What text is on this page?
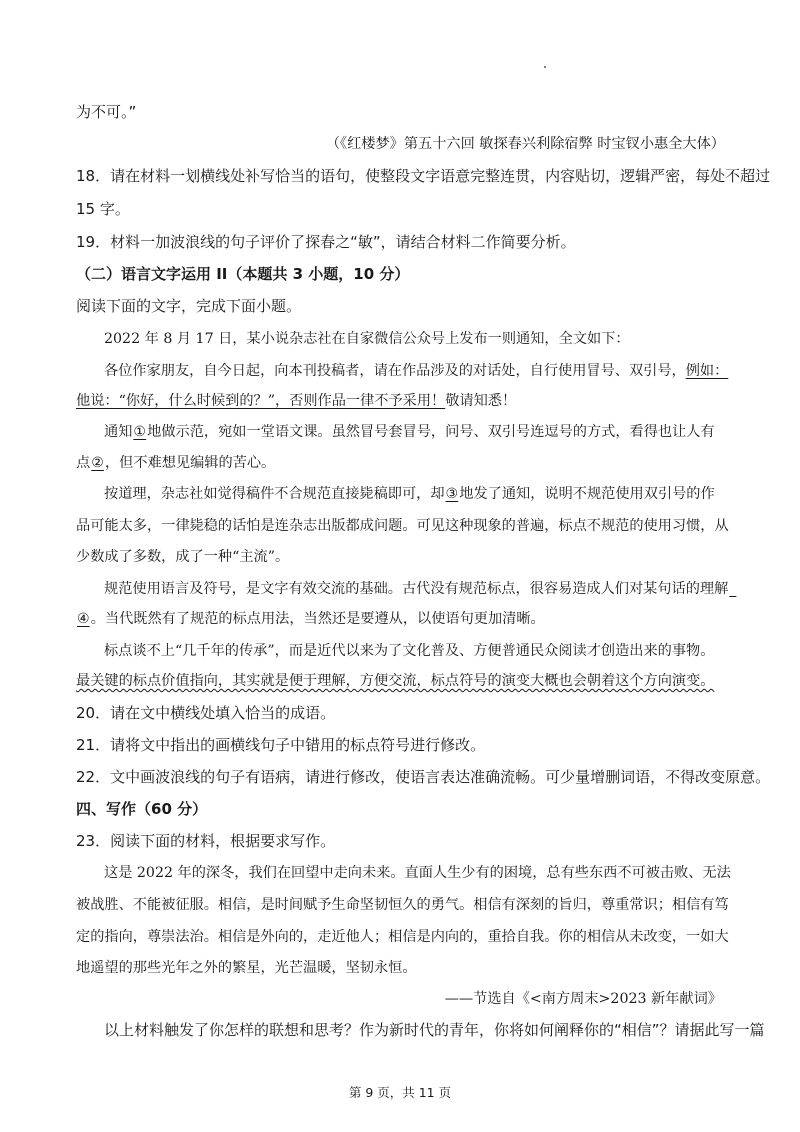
为不可。”
（《红楼梦》第五十六回 敏探春兴利除宿弊 时宝钗小惠全大体）
18．请在材料一划横线处补写恰当的语句，使整段文字语意完整连贯，内容贴切，逻辑严密，每处不超过
15 字。
19．材料一加波浪线的句子评价了探春之“敏”，请结合材料二作简要分析。
（二）语言文字运用 II（本题共 3 小题，10 分）
阅读下面的文字，完成下面小题。
2022 年 8 月 17 日，某小说杂志社在自家微信公众号上发布一则通知，全文如下：
各位作家朋友，自今日起，向本刊投稿者，请在作品涉及的对话处，自行使用冒号、双引号，例如：
他说：“你好，什么时候到的？”，否则作品一律不予采用！敬请知悉！
通知①地做示范，宛如一堂语文课。虽然冒号套冒号，问号、双引号连逗号的方式，看得也让人有
点②，但不难想见编辑的苦心。
按道理，杂志社如觉得稿件不合规范直接毙稿即可，却③地发了通知，说明不规范使用双引号的作
品可能太多，一律毙稳的话怕是连杂志出版都成问题。可见这种现象的普遍，标点不规范的使用习惯，从
少数成了多数，成了一种“主流”。
规范使用语言及符号，是文字有效交流的基础。古代没有规范标点，很容易造成人们对某句话的理解 
④。当代既然有了规范的标点用法，当然还是要遵从，以使语句更加清晰。
标点谈不上“几千年的传承”，而是近代以来为了文化普及、方便普通民众阅读才创造出来的事物。
最关键的标点价值指向，其实就是便于理解，方便交流，标点符号的演变大概也会朝着这个方向演变。
20．请在文中横线处填入恰当的成语。
21．请将文中指出的画横线句子中错用的标点符号进行修改。
22．文中画波浪线的句子有语病，请进行修改，使语言表达准确流畅。可少量增删词语，不得改变原意。
四、写作（60 分）
23．阅读下面的材料，根据要求写作。
这是 2022 年的深冬，我们在回望中走向未来。直面人生少有的困境，总有些东西不可被击败、无法
被战胜、不能被征服。相信，是时间赋予生命坚韧恒久的勇气。相信有深刻的旨归，尊重常识；相信有笃
定的指向，尊崇法治。相信是外向的，走近他人；相信是内向的，重拾自我。你的相信从未改变，一如大
地遥望的那些光年之外的繁星，光芒温暖，坚韧永恒。
——节选自《<南方周末>2023 新年献词》
以上材料触发了你怎样的联想和思考？作为新时代的青年，你将如何阐释你的“相信”？请据此写一篇
第 9 页，共 11 页
